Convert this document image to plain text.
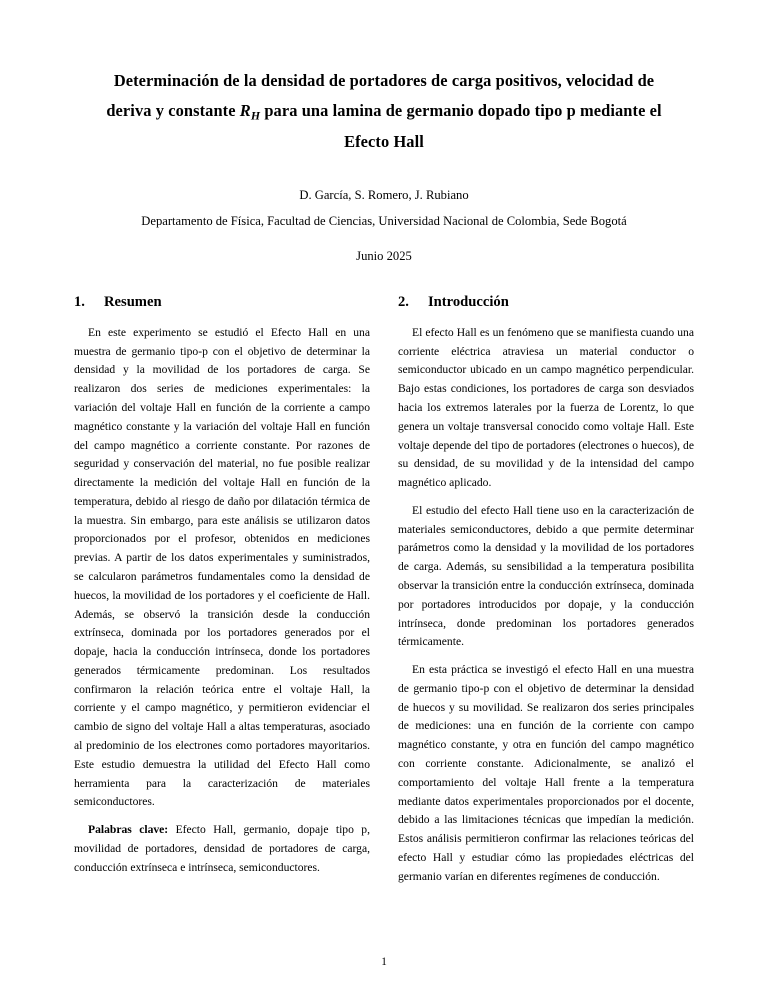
Determinación de la densidad de portadores de carga positivos, velocidad de
deriva y constante $R_H$ para una lamina de germanio dopado tipo p mediante el
Efecto Hall
D. García, S. Romero, J. Rubiano
Departamento de Física, Facultad de Ciencias, Universidad Nacional de Colombia, Sede Bogotá
Junio 2025
1.	Resumen

En este experimento se estudió el Efecto Hall en una muestra de germanio tipo-p con el objetivo de determinar la densidad y la movilidad de los portadores de carga. Se realizaron dos series de mediciones experimentales: la variación del voltaje Hall en función de la corriente a campo magnético constante y la variación del voltaje Hall en función del campo magnético a corriente constante. Por razones de seguridad y conservación del material, no fue posible realizar directamente la medición del voltaje Hall en función de la temperatura, debido al riesgo de daño por dilatación térmica de la muestra. Sin embargo, para este análisis se utilizaron datos proporcionados por el profesor, obtenidos en mediciones previas. A partir de los datos experimentales y suministrados, se calcularon parámetros fundamentales como la densidad de huecos, la movilidad de los portadores y el coeficiente de Hall. Además, se observó la transición desde la conducción extrínseca, dominada por los portadores generados por el dopaje, hacia la conducción intrínseca, donde los portadores generados térmicamente predominan. Los resultados confirmaron la relación teórica entre el voltaje Hall, la corriente y el campo magnético, y permitieron evidenciar el cambio de signo del voltaje Hall a altas temperaturas, asociado al predominio de los electrones como portadores mayoritarios. Este estudio demuestra la utilidad del Efecto Hall como herramienta para la caracterización de materiales semiconductores.

Palabras clave: Efecto Hall, germanio, dopaje tipo p, movilidad de portadores, densidad de portadores de carga, conducción extrínseca e intrínseca, semiconductores.

2.	Introducción

El efecto Hall es un fenómeno que se manifiesta cuando una corriente eléctrica atraviesa un material conductor o semiconductor ubicado en un campo magnético perpendicular. Bajo estas condiciones, los portadores de carga son desviados hacia los extremos laterales por la fuerza de Lorentz, lo que genera un voltaje transversal conocido como voltaje Hall. Este voltaje depende del tipo de portadores (electrones o huecos), de su densidad, de su movilidad y de la intensidad del campo magnético aplicado.

El estudio del efecto Hall tiene uso en la caracterización de materiales semiconductores, debido a que permite determinar parámetros como la densidad y la movilidad de los portadores de carga. Además, su sensibilidad a la temperatura posibilita observar la transición entre la conducción extrínseca, dominada por portadores introducidos por dopaje, y la conducción intrínseca, donde predominan los portadores generados térmicamente.

En esta práctica se investigó el efecto Hall en una muestra de germanio tipo-p con el objetivo de determinar la densidad de huecos y su movilidad. Se realizaron dos series principales de mediciones: una en función de la corriente con campo magnético constante, y otra en función del campo magnético con corriente constante. Adicionalmente, se analizó el comportamiento del voltaje Hall frente a la temperatura mediante datos experimentales proporcionados por el docente, debido a las limitaciones técnicas que impedían la medición. Estos análisis permitieron confirmar las relaciones teóricas del efecto Hall y estudiar cómo las propiedades eléctricas del germanio varían en diferentes regímenes de conducción.

1
